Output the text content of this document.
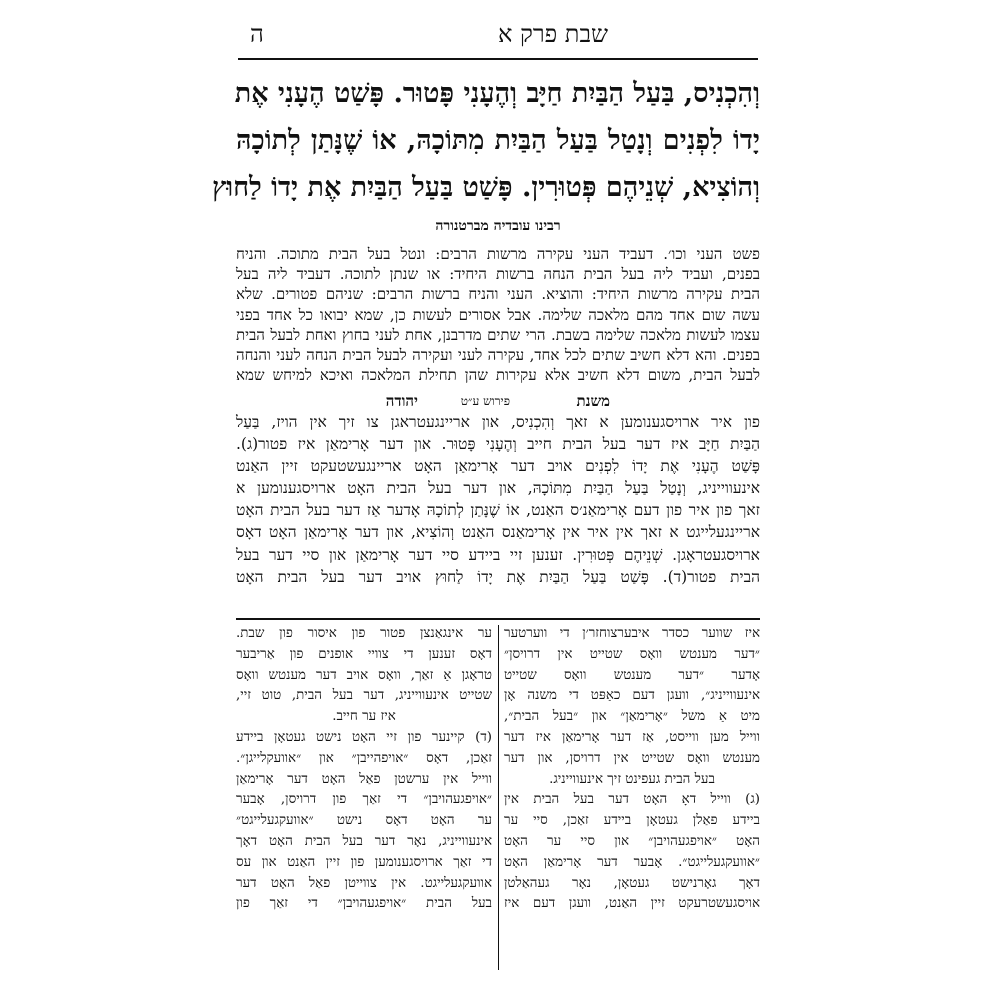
שבת פרק א
ה

וְהִכְנִיס, בַּעַל הַבַּיִת חַיָּב וְהֶעָנִי פָּטוּר. פָּשַׁט הֶעָנִי אֶת

יָדוֹ לִפְנִים וְנָטַל בַּעַל הַבַּיִת מִתּוֹכָהּ, אוֹ שֶׁנָּתַן לְתוֹכָהּ

וְהוֹצִיא, שְׁנֵיהֶם פְּטוּרִין. פָּשַׁט בַּעַל הַבַּיִת אֶת יָדוֹ לַחוּץ

רבינו עובדיה מברטנורה

פשט העני וכו׳. דעביד העני עקירה מרשות הרבים: ונטל בעל הבית מתוכה. והניח

בפנים, ועביד ליה בעל הבית הנחה ברשות היחיד: או שנתן לתוכה. דעביד ליה בעל

הבית עקירה מרשות היחיד: והוציא. העני והניח ברשות הרבים: שניהם פטורים. שלא

עשה שום אחד מהם מלאכה שלימה. אבל אסורים לעשות כן, שמא יבואו כל אחד בפני

עצמו לעשות מלאכה שלימה בשבת. הרי שתים מדרבנן, אחת לעני בחוץ ואחת לבעל הבית

בפנים. והא דלא חשיב שתים לכל אחד, עקירה לעני ועקירה לבעל הבית הנחה לעני והנחה

לבעל הבית, משום דלא חשיב אלא עקירות שהן תחילת המלאכה ואיכא למיחש שמא

משנת
פירוש ע״ט
יהודה

פון איר ארויסגענומען א זאך וְהִכְנִיס, און אריינגעטראגן צו זיך אין הויז, בַּעַל

הַבַּיִת חַיָּב איז דער בעל הבית חייב וְהֶעָנִי פָּטוּר. און דער אָרימאַן איז פטור(ג).

פָּשַׁט הֶעָנִי אֶת יָדוֹ לִפְנִים אויב דער אָרימאַן האָט אריינגעשטעקט זיין האַנט

אינעווייניג, וְנָטַל בַּעַל הַבַּיִת מִתּוֹכָהּ, און דער בעל הבית האָט ארויסגענומען א

זאך פון איר פון דעם אָרימאַנ׳ס האַנט, אוֹ שֶׁנָּתַן לְתוֹכָהּ אָדער אַז דער בעל הבית האָט

אריינגעלייגט א זאך אין איר אין אָרימאַנס האַנט וְהוֹצִיא, און דער אָרימאַן האָט דאָס

ארויסגעטראָגן. שְׁנֵיהֶם פְּטוּרִין. זענען זיי ביידע סיי דער אָרימאַן און סיי דער בעל

הבית פטור(ד). פָּשַׁט בַּעַל הַבַּיִת אֶת יָדוֹ לַחוּץ אויב דער בעל הבית האָט

איז שווער כסדר איבערצוחזר׳ן די ווערטער

״דער מענטש וואָס שטייט אין דרויסן״

אָדער ״דער מענטש וואָס שטייט

אינעווייניג״, וועגן דעם כאַפּט די משנה אָן

מיט אַ משל ״אָרימאַן״ און ״בעל הבית״,

ווייל מען ווייסט, אַז דער אָרימאַן איז דער

מענטש וואָס שטייט אין דרויסן, און דער

בעל הבית געפינט זיך אינעווייניג.

(ג) ווייל דאָ האָט דער בעל הבית אין

ביידע פאַלן געטאָן ביידע זאַכן, סיי ער

האָט ״אויפגעהויבן״ און סיי ער האָט

״אוועקגעלייגט״. אָבער דער אָרימאַן האָט

דאָך גאָרנישט געטאָן, נאָר געהאַלטן

אויסגעשטרעקט זיין האַנט, וועגן דעם איז

ער אינגאַנצן פטור פון איסור פון שבת.

דאָס זענען די צוויי אופנים פון אַריבער

טראָגן אַ זאַך, וואָס אויב דער מענטש וואָס

שטייט אינעווייניג, דער בעל הבית, טוט זיי,

איז ער חייב.

(ד) קיינער פון זיי האָט נישט געטאָן ביידע

זאַכן, דאָס ״אויפהייבן״ און ״אוועקלייגן״.

ווייל אין ערשטן פאַל האָט דער אָרימאַן

״אויפגעהויבן״ די זאַך פון דרויסן, אָבער

ער האָט דאָס נישט ״אוועקגעלייגט״

אינעווייניג, נאָר דער בעל הבית האָט דאָך

די זאַך ארויסגענומען פון זיין האַנט און עס

אוועקגעלייגט. אין צווייטן פאַל האָט דער

בעל הבית ״אויפגעהויבן״ די זאַך פון
